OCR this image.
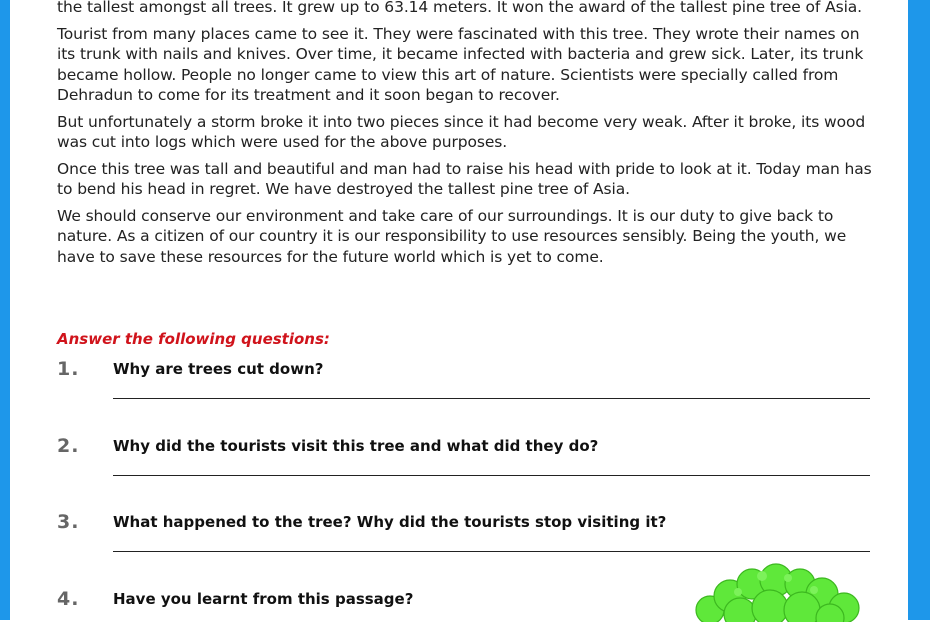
the tallest amongst all trees. It grew up to 63.14 meters. It won the award of the tallest pine tree of Asia.

Tourist from many places came to see it. They were fascinated with this tree. They wrote their names on its trunk with nails and knives. Over time, it became infected with bacteria and grew sick. Later, its trunk became hollow. People no longer came to view this art of nature. Scientists were specially called from Dehradun to come for its treatment and it soon began to recover.

But unfortunately a storm broke it into two pieces since it had become very weak. After it broke, its wood was cut into logs which were used for the above purposes.

Once this tree was tall and beautiful and man had to raise his head with pride to look at it. Today man has to bend his head in regret. We have destroyed the tallest pine tree of Asia.

We should conserve our environment and take care of our surroundings. It is our duty to give back to nature. As a citizen of our country it is our responsibility to use resources sensibly. Being the youth, we have to save these resources for the future world which is yet to come.

Answer the following questions:
1. Why are trees cut down?
2. Why did the tourists visit this tree and what did they do?
3. What happened to the tree? Why did the tourists stop visiting it?
4. Have you learnt from this passage?
